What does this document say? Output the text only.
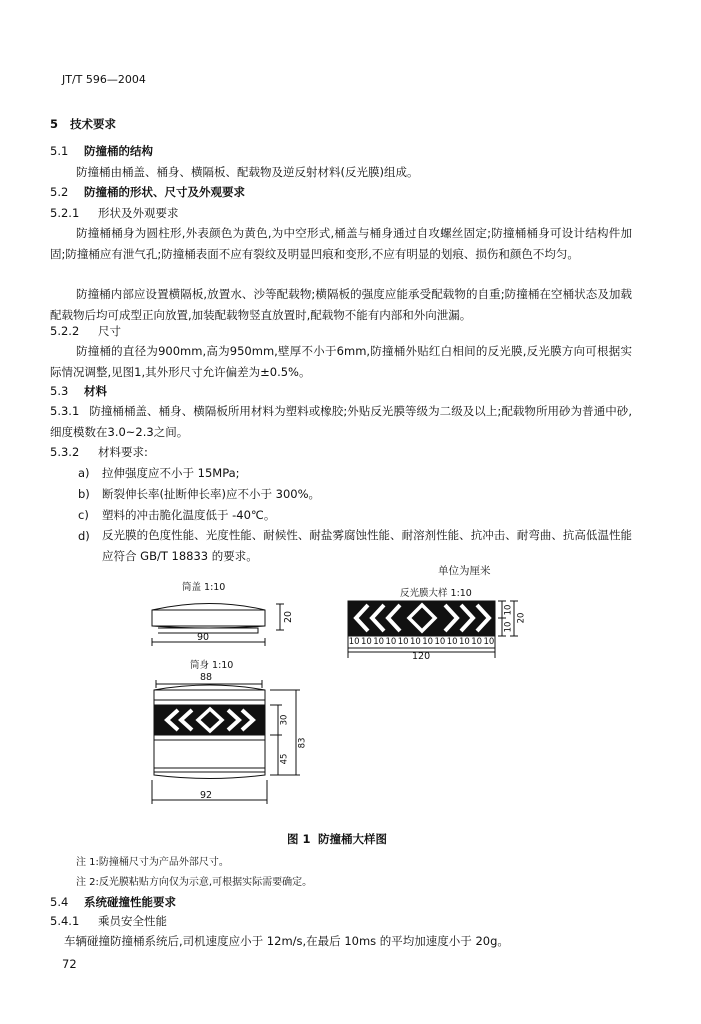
JT/T 596—2004
5 技术要求
5.1 防撞桶的结构
防撞桶由桶盖、桶身、横隔板、配载物及逆反射材料(反光膜)组成。
5.2 防撞桶的形状、尺寸及外观要求
5.2.1 形状及外观要求
防撞桶桶身为圆柱形,外表颜色为黄色,为中空形式,桶盖与桶身通过自攻螺丝固定;防撞桶桶身可设计结构件加固;防撞桶应有泄气孔;防撞桶表面不应有裂纹及明显凹痕和变形,不应有明显的划痕、损伤和颜色不均匀。
防撞桶内部应设置横隔板,放置水、沙等配载物;横隔板的强度应能承受配载物的自重;防撞桶在空桶状态及加载配载物后均可成型正向放置,加装配载物竖直放置时,配载物不能有内部和外向泄漏。
5.2.2 尺寸
防撞桶的直径为900mm,高为950mm,壁厚不小于6mm,防撞桶外贴红白相间的反光膜,反光膜方向可根据实际情况调整,见图1,其外形尺寸允许偏差为±0.5%。
5.3 材料
5.3.1 防撞桶桶盖、桶身、横隔板所用材料为塑料或橡胶;外贴反光膜等级为二级及以上;配载物所用砂为普通中砂,细度模数在3.0~2.3之间。
5.3.2 材料要求:
a) 拉伸强度应不小于 15MPa;
b) 断裂伸长率(扯断伸长率)应不小于 300%。
c) 塑料的冲击脆化温度低于 -40℃。
d) 反光膜的色度性能、光度性能、耐候性、耐盐雾腐蚀性能、耐溶剂性能、抗冲击、耐弯曲、抗高低温性能应符合 GB/T 18833 的要求。
单位为厘米
筒盖 1:10
反光膜大样 1:10
筒身 1:10
90
20
10 10 10 10 10 10 10 10 10 10 10 10
120
10
10
20
88
92
30
45
83
图 1 防撞桶大样图
注 1:防撞桶尺寸为产品外部尺寸。
注 2:反光膜粘贴方向仅为示意,可根据实际需要确定。
5.4 系统碰撞性能要求
5.4.1 乘员安全性能
车辆碰撞防撞桶系统后,司机速度应小于 12m/s,在最后 10ms 的平均加速度小于 20g。
72
